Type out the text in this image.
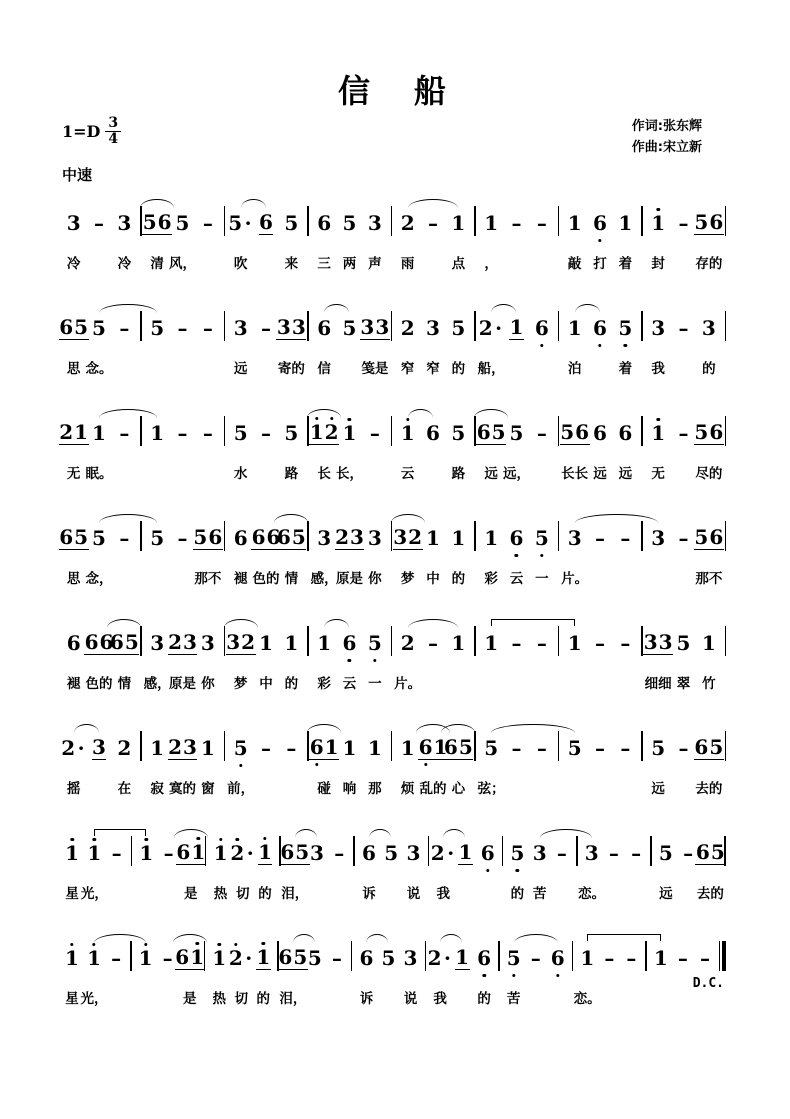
信　船
$1=D \frac{3}{4}$	作词:张东辉
作曲:宋立新
中速
3
冷
– 3
冷
5 6
清
5
风，
– 5 ·
吹
6 5
来
6
三
5
两
3
声
2
雨
– 1
点
1
，
– – 1
敲
6
打
1
着
1
封
– 5 6
存的
6 5
思
5
念。
– 5 – – 3
远
– 3 3
寄的
6
信
5 3 3
笺是
2
窄
3
窄
5
的
2 ·
船，
1 6 1
泊
6 5
着
3
我
– 3
的
2 1
无
1
眠。
– 1 – – 5
水
– 5
路
1 2
长
1
长，
– 1
云
6 5
路
6 5
远
5
远，
– 5 6
长长
6
远
6
远
1
无
– 5 6
尽的
6 5
思
5
念，
– 5 – 5 6
那不
6
褪
6 6
色的
6 5
情
3
感，
2 3
原是
3
你
3 2
梦
1
中
1
的
1
彩
6
云
5
一
3
片。
– – 3 – 5 6
那不
6
褪
6 6
色的
6 5
情
3
感，
2 3
原是
3
你
3 2
梦
1
中
1
的
1
彩
6
云
5
一
2
片。
– 1 1 – – 1 – – 3 3
细细
5
翠
1
竹
2 ·
摇
3 2
在
1
寂
2 3
寞的
1
窗
5
前，
– – 6 1
碰
1
响
1
那
1
烦
6 1
乱的
6 5
心
5
弦；
– – 5 – – 5
远
– 6 5
去的
1
星
1
光，
– 1 – 6 1
是
1
热
2 ·
切
1
的
6 5
泪，
3 – 6
诉
5 3
说
2 ·
我
1 6 5
的
3
苦
– 3
恋。
– – 5
远
– 6 5
去的
1
星
1
光，
– 1 – 6 1
是
1
热
2 ·
切
1
的
6 5
泪，
5 – 6
诉
5 3
说
2 ·
我
1 6
的
5
苦
– 6 1
恋。
– – 1 – –
D.C.
